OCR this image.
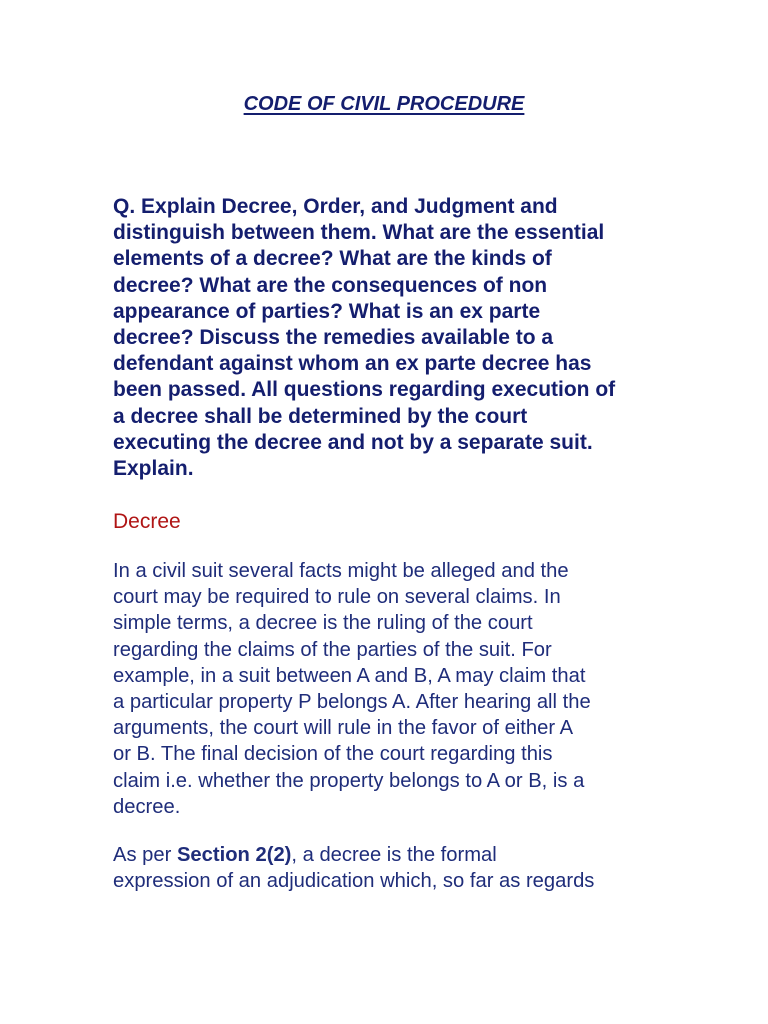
CODE OF CIVIL PROCEDURE

Q. Explain Decree, Order, and Judgment and
distinguish between them. What are the essential
elements of a decree? What are the kinds of
decree? What are the consequences of non
appearance of parties? What is an ex parte
decree? Discuss the remedies available to a
defendant against whom an ex parte decree has
been passed. All questions regarding execution of
a decree shall be determined by the court
executing the decree and not by a separate suit.
Explain.

Decree

In a civil suit several facts might be alleged and the
court may be required to rule on several claims. In
simple terms, a decree is the ruling of the court
regarding the claims of the parties of the suit. For
example, in a suit between A and B, A may claim that
a particular property P belongs A. After hearing all the
arguments, the court will rule in the favor of either A
or B. The final decision of the court regarding this
claim i.e. whether the property belongs to A or B, is a
decree.

As per Section 2(2), a decree is the formal
expression of an adjudication which, so far as regards
